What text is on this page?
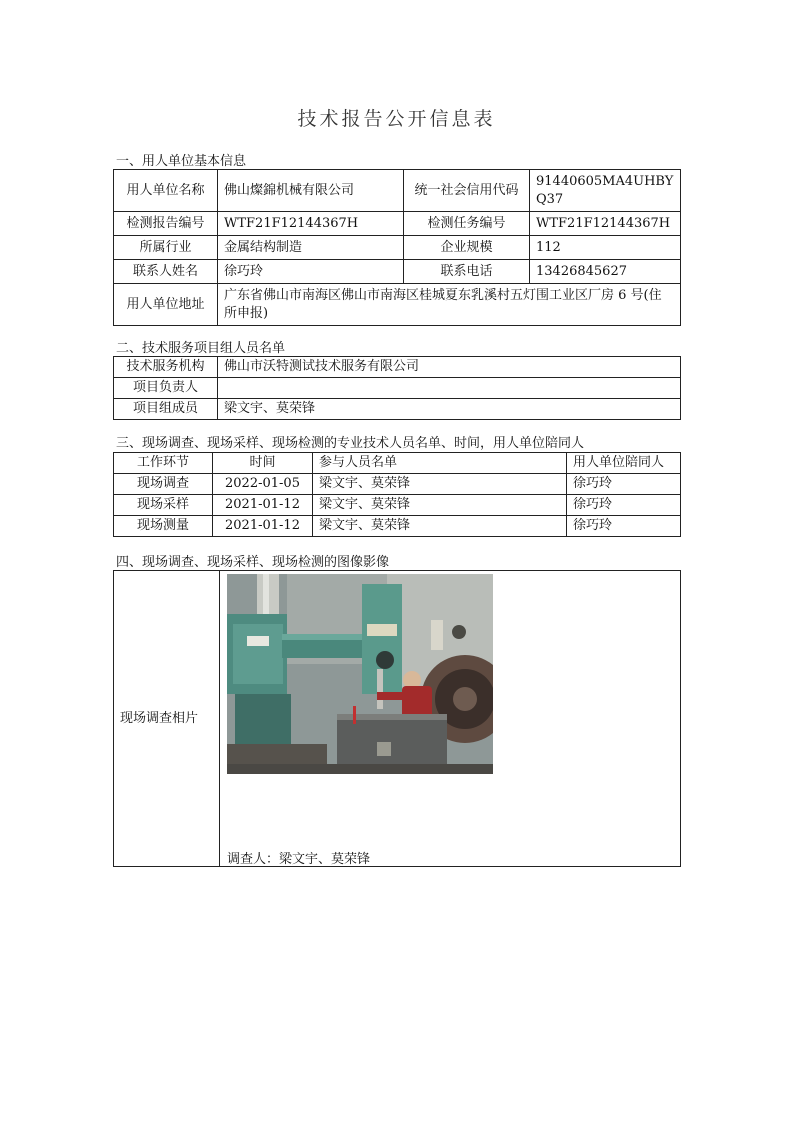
技术报告公开信息表
一、用人单位基本信息
用人单位名称	佛山燦錦机械有限公司	统一社会信用代码	91440605MA4UHBYQ37
检测报告编号	WTF21F12144367H	检测任务编号	WTF21F12144367H
所属行业	金属结构制造	企业规模	112
联系人姓名	徐巧玲	联系电话	13426845627
用人单位地址	广东省佛山市南海区佛山市南海区桂城夏东乳溪村五灯围工业区厂房 6 号(住所申报)		
二、技术服务项目组人员名单
技术服务机构	佛山市沃特测试技术服务有限公司
项目负责人	
项目组成员	梁文宇、莫荣锋
三、现场调查、现场采样、现场检测的专业技术人员名单、时间，用人单位陪同人
工作环节	时间	参与人员名单	用人单位陪同人
现场调查	2022-01-05	梁文宇、莫荣锋	徐巧玲
现场采样	2021-01-12	梁文宇、莫荣锋	徐巧玲
现场测量	2021-01-12	梁文宇、莫荣锋	徐巧玲
四、现场调查、现场采样、现场检测的图像影像
现场调查相片	
调查人：梁文宇、莫荣锋
